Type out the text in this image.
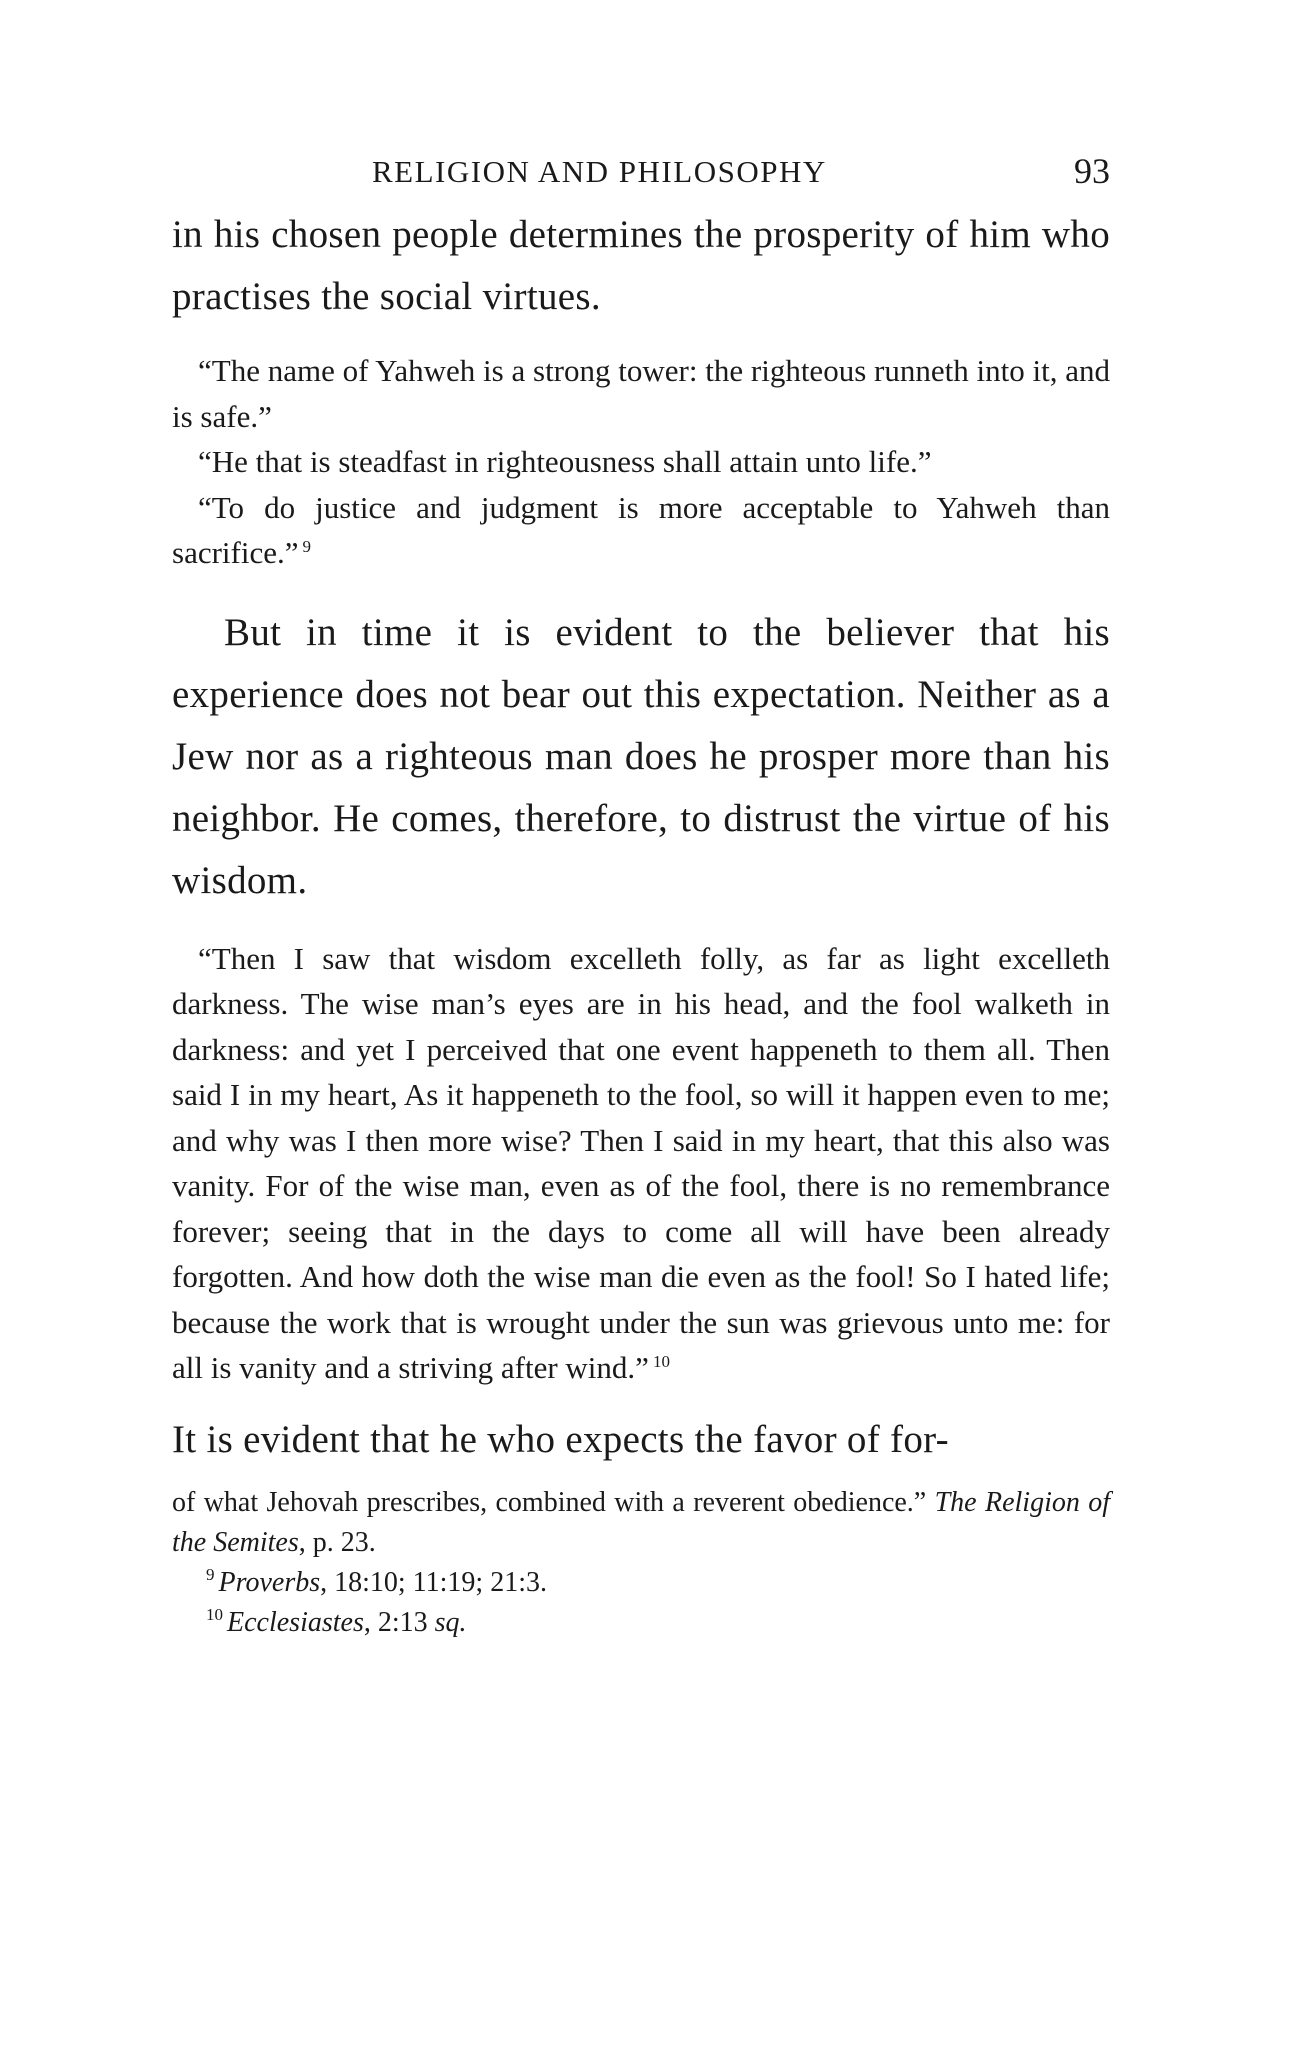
RELIGION AND PHILOSOPHY	93

in his chosen people determines the prosperity of him who practises the social virtues.

“The name of Yahweh is a strong tower: the righteous runneth into it, and is safe.”

“He that is steadfast in righteousness shall attain unto life.”

“To do justice and judgment is more acceptable to Yahweh than sacrifice.” $^9$

But in time it is evident to the believer that his experience does not bear out this expectation. Neither as a Jew nor as a righteous man does he prosper more than his neighbor. He comes, therefore, to distrust the virtue of his wisdom.

“Then I saw that wisdom excelleth folly, as far as light excelleth darkness. The wise man’s eyes are in his head, and the fool walketh in darkness: and yet I perceived that one event happeneth to them all. Then said I in my heart, As it happeneth to the fool, so will it happen even to me; and why was I then more wise? Then I said in my heart, that this also was vanity. For of the wise man, even as of the fool, there is no remembrance forever; seeing that in the days to come all will have been already forgotten. And how doth the wise man die even as the fool! So I hated life; because the work that is wrought under the sun was grievous unto me: for all is vanity and a striving after wind.” $^{10}$

It is evident that he who expects the favor of for-

of what Jehovah prescribes, combined with a reverent obedience.” The Religion of the Semites, p. 23.

$^9$ Proverbs, 18:10; 11:19; 21:3.

$^{10}$ Ecclesiastes, 2:13 sq.
